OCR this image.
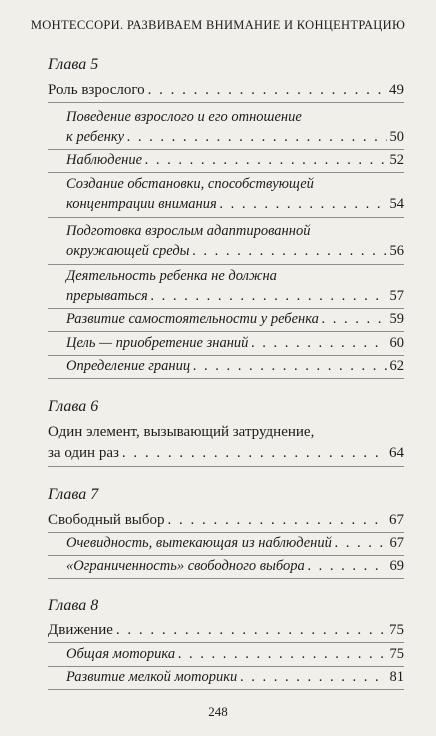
МОНТЕССОРИ. РАЗВИВАЕМ ВНИМАНИЕ И КОНЦЕНТРАЦИЮ
Глава 5
Роль взрослого . . .	49
Поведение взрослого и его отношение
к ребенку . . .	50
Наблюдение . . .	52
Создание обстановки, способствующей
концентрации внимания . . .	54
Подготовка взрослым адаптированной
окружающей среды . . .	56
Деятельность ребенка не должна
прерываться . . .	57
Развитие самостоятельности у ребенка . . .	59
Цель — приобретение знаний . . .	60
Определение границ . . .	62
Глава 6
Один элемент, вызывающий затруднение,
за один раз . . .	64
Глава 7
Свободный выбор . . .	67
Очевидность, вытекающая из наблюдений . . .	67
«Ограниченность» свободного выбора . . .	69
Глава 8
Движение . . .	75
Общая моторика . . .	75
Развитие мелкой моторики . . .	81
248
